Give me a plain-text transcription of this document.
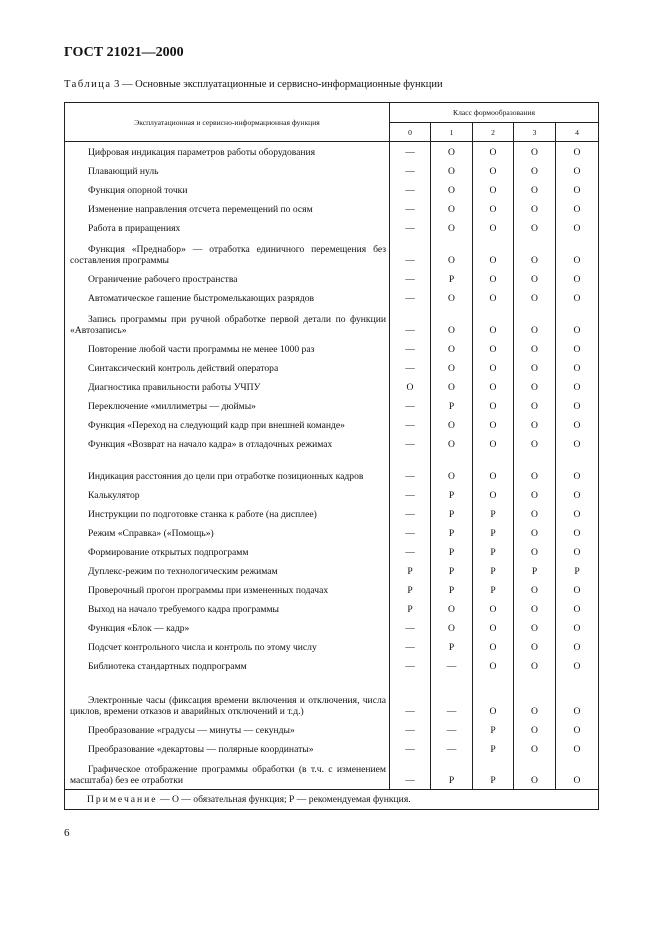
ГОСТ 21021—2000
Таблица 3 — Основные эксплуатационные и сервисно-информационные функции
Эксплуатационная и сервисно-информационная функция	Класс формообразования				
	0	1	2	3	4
Цифровая индикация параметров работы оборудования	—	О	О	О	О
Плавающий нуль	—	О	О	О	О
Функция опорной точки	—	О	О	О	О
Изменение направления отсчета перемещений по осям	—	О	О	О	О
Работа в приращениях	—	О	О	О	О
Функция «Преднабор» — отработка единичного перемещения без составления программы	—	О	О	О	О
Ограничение рабочего пространства	—	Р	О	О	О
Автоматическое гашение быстромелькающих разрядов	—	О	О	О	О
Запись программы при ручной обработке первой детали по функции «Автозапись»	—	О	О	О	О
Повторение любой части программы не менее 1000 раз	—	О	О	О	О
Синтаксический контроль действий оператора	—	О	О	О	О
Диагностика правильности работы УЧПУ	О	О	О	О	О
Переключение «миллиметры — дюймы»	—	Р	О	О	О
Функция «Переход на следующий кадр при внешней команде»	—	О	О	О	О
Функция «Возврат на начало кадра» в отладочных режимах	—	О	О	О	О
Индикация расстояния до цели при отработке позиционных кадров	—	О	О	О	О
Калькулятор	—	Р	О	О	О
Инструкции по подготовке станка к работе (на дисплее)	—	Р	Р	О	О
Режим «Справка» («Помощь»)	—	Р	Р	О	О
Формирование открытых подпрограмм	—	Р	Р	О	О
Дуплекс-режим по технологическим режимам	Р	Р	Р	Р	Р
Проверочный прогон программы при измененных подачах	Р	Р	Р	О	О
Выход на начало требуемого кадра программы	Р	О	О	О	О
Функция «Блок — кадр»	—	О	О	О	О
Подсчет контрольного числа и контроль по этому числу	—	Р	О	О	О
Библиотека стандартных подпрограмм	—	—	О	О	О
Электронные часы (фиксация времени включения и отключения, числа циклов, времени отказов и аварийных отключений и т.д.)	—	—	О	О	О
Преобразование «градусы — минуты — секунды»	—	—	Р	О	О
Преобразование «декартовы — полярные координаты»	—	—	Р	О	О
Графическое отображение программы обработки (в т.ч. с изменением масштаба) без ее отработки	—	Р	Р	О	О
Примечание — О — обязательная функция; Р — рекомендуемая функция.					
6
